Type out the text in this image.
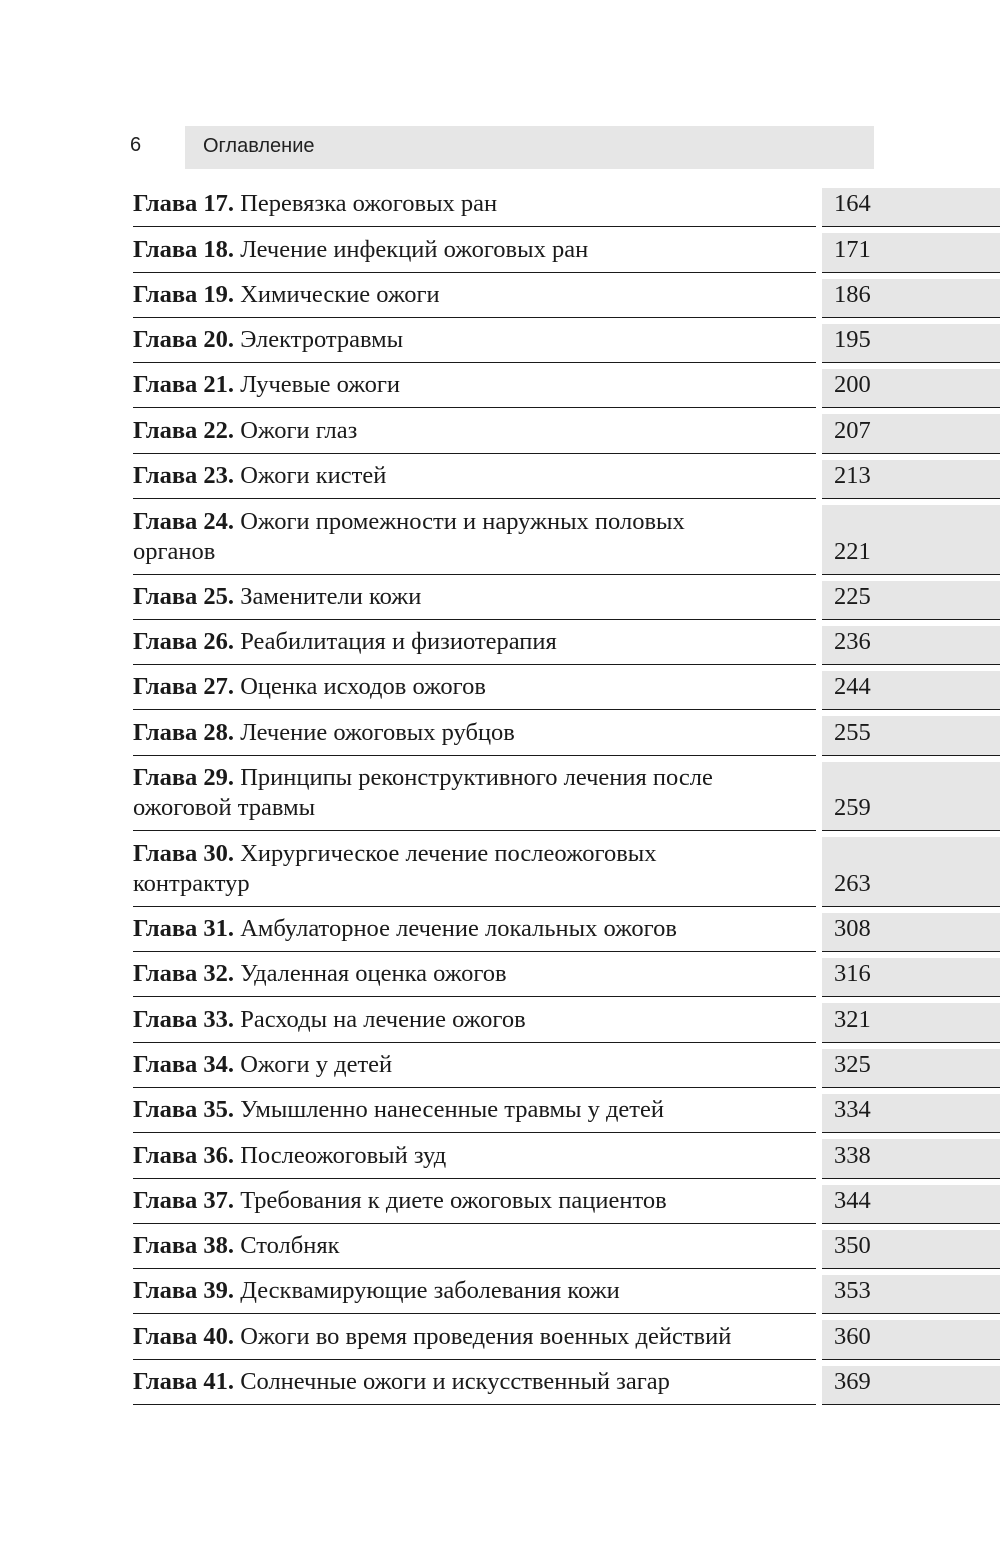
6	Оглавление
Глава 17. Перевязка ожоговых ран	164
Глава 18. Лечение инфекций ожоговых ран	171
Глава 19. Химические ожоги	186
Глава 20. Электротравмы	195
Глава 21. Лучевые ожоги	200
Глава 22. Ожоги глаз	207
Глава 23. Ожоги кистей	213
Глава 24. Ожоги промежности и наружных половых
органов	221
Глава 25. Заменители кожи	225
Глава 26. Реабилитация и физиотерапия	236
Глава 27. Оценка исходов ожогов	244
Глава 28. Лечение ожоговых рубцов	255
Глава 29. Принципы реконструктивного лечения после
ожоговой травмы	259
Глава 30. Хирургическое лечение послеожоговых
контрактур	263
Глава 31. Амбулаторное лечение локальных ожогов	308
Глава 32. Удаленная оценка ожогов	316
Глава 33. Расходы на лечение ожогов	321
Глава 34. Ожоги у детей	325
Глава 35. Умышленно нанесенные травмы у детей	334
Глава 36. Послеожоговый зуд	338
Глава 37. Требования к диете ожоговых пациентов	344
Глава 38. Столбняк	350
Глава 39. Десквамирующие заболевания кожи	353
Глава 40. Ожоги во время проведения военных действий	360
Глава 41. Солнечные ожоги и искусственный загар	369
